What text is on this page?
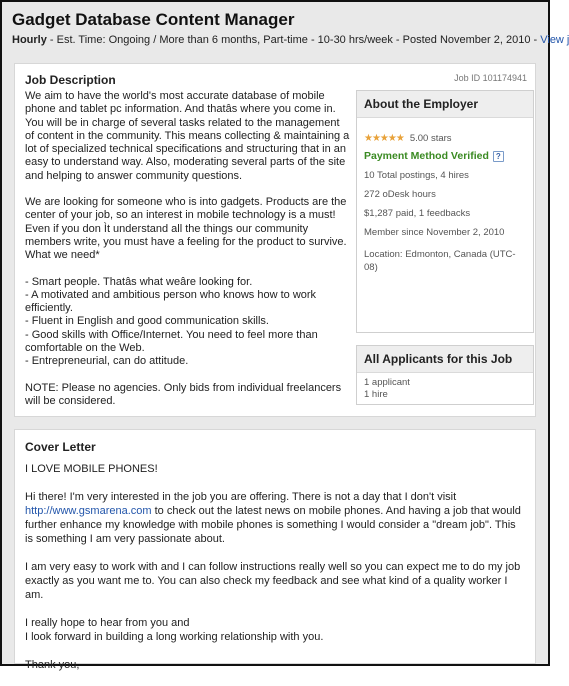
Gadget Database Content Manager
Hourly - Est. Time: Ongoing / More than 6 months, Part-time - 10-30 hrs/week - Posted November 2, 2010 - View j
Job Description	Job ID 101174941

We aim to have the world's most accurate database of mobile phone and tablet pc information. And thatâs where you come in. You will be in charge of several tasks related to the management of content in the community. This means collecting & maintaining a lot of specialized technical specifications and structuring that in an easy to understand way. Also, moderating several parts of the site and helping to answer community questions.

We are looking for someone who is into gadgets. Products are the center of your job, so an interest in mobile technology is a must! Even if you don Ìt understand all the things our community members write, you must have a feeling for the product to survive.

What we need*
- Smart people. Thatâs what weâre looking for.
- A motivated and ambitious person who knows how to work efficiently.
- Fluent in English and good communication skills.
- Good skills with Office/Internet. You need to feel more than comfortable on the Web.
- Entrepreneurial, can do attitude.

NOTE: Please no agencies. Only bids from individual freelancers will be considered.

About the Employer
★★★★★ 5.00 stars
Payment Method Verified ?
10 Total postings, 4 hires
272 oDesk hours
$1,287 paid, 1 feedbacks
Member since November 2, 2010
Location: Edmonton, Canada (UTC-08)
All Applicants for this Job
1 applicant
1 hire
Cover Letter

I LOVE MOBILE PHONES!

Hi there! I'm very interested in the job you are offering. There is not a day that I don't visit http://www.gsmarena.com to check out the latest news on mobile phones. And having a job that would further enhance my knowledge with mobile phones is something I would consider a "dream job". This is something I am very passionate about.

I am very easy to work with and I can follow instructions really well so you can expect me to do my job exactly as you want me to. You can also check my feedback and see what kind of a quality worker I am.

I really hope to hear from you and
I look forward in building a long working relationship with you.

Thank you,
